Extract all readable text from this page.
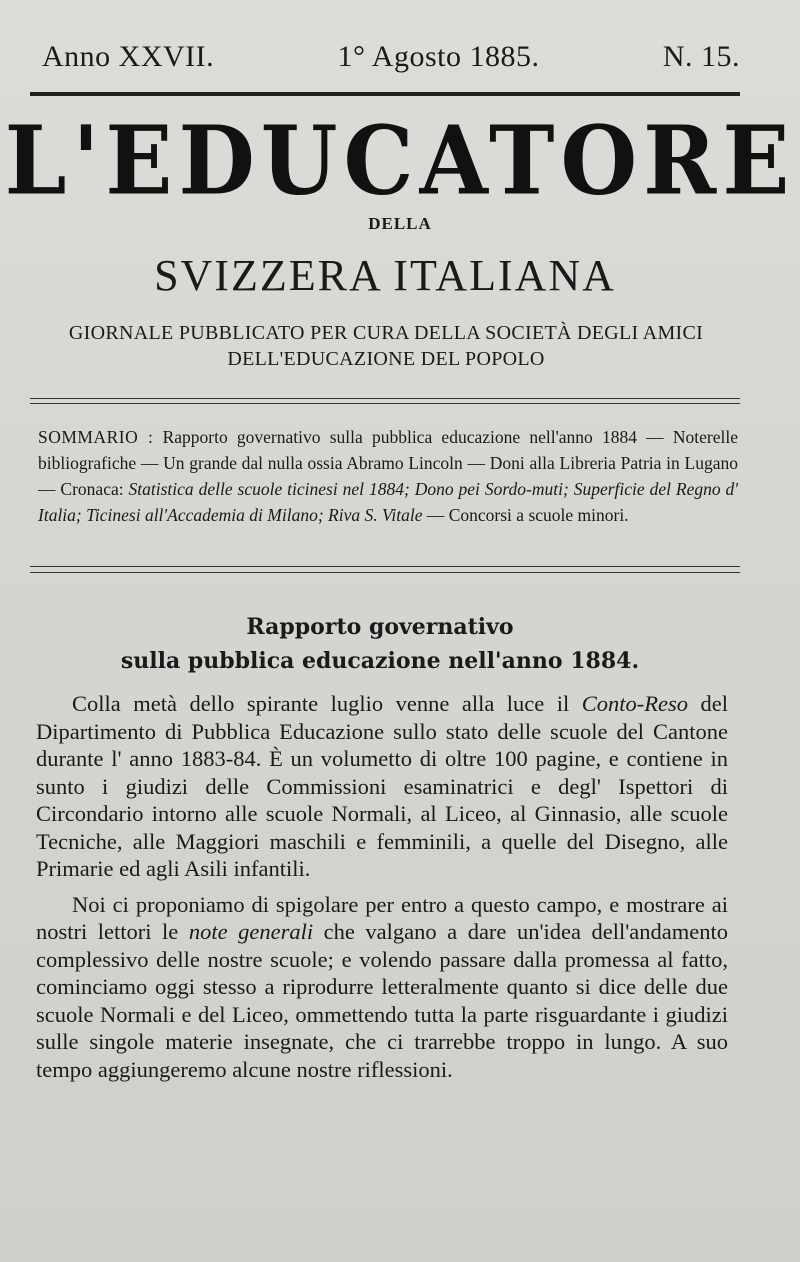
Anno XXVII.	1° Agosto 1885.	N. 15.
L'EDUCATORE
DELLA
SVIZZERA ITALIANA
GIORNALE PUBBLICATO PER CURA DELLA SOCIETÀ DEGLI AMICI
DELL'EDUCAZIONE DEL POPOLO
SOMMARIO : Rapporto governativo sulla pubblica educazione nell'anno 1884 — Noterelle bibliografiche — Un grande dal nulla ossia Abramo Lincoln — Doni alla Libreria Patria in Lugano — Cronaca: Statistica delle scuole ticinesi nel 1884; Dono pei Sordo-muti; Superficie del Regno d' Italia; Ticinesi all'Accademia di Milano; Riva S. Vitale — Concorsi a scuole minori.
Rapporto governativo
sulla pubblica educazione nell'anno 1884.

Colla metà dello spirante luglio venne alla luce il Conto-Reso del Dipartimento di Pubblica Educazione sullo stato delle scuole del Cantone durante l' anno 1883-84. È un volumetto di oltre 100 pagine, e contiene in sunto i giudizi delle Commissioni esaminatrici e degl' Ispettori di Circondario intorno alle scuole Normali, al Liceo, al Ginnasio, alle scuole Tecniche, alle Maggiori maschili e femminili, a quelle del Disegno, alle Primarie ed agli Asili infantili.

Noi ci proponiamo di spigolare per entro a questo campo, e mostrare ai nostri lettori le note generali che valgano a dare un'idea dell'andamento complessivo delle nostre scuole; e volendo passare dalla promessa al fatto, cominciamo oggi stesso a riprodurre letteralmente quanto si dice delle due scuole Normali e del Liceo, ommettendo tutta la parte risguardante i giudizi sulle singole materie insegnate, che ci trarrebbe troppo in lungo. A suo tempo aggiungeremo alcune nostre riflessioni.
